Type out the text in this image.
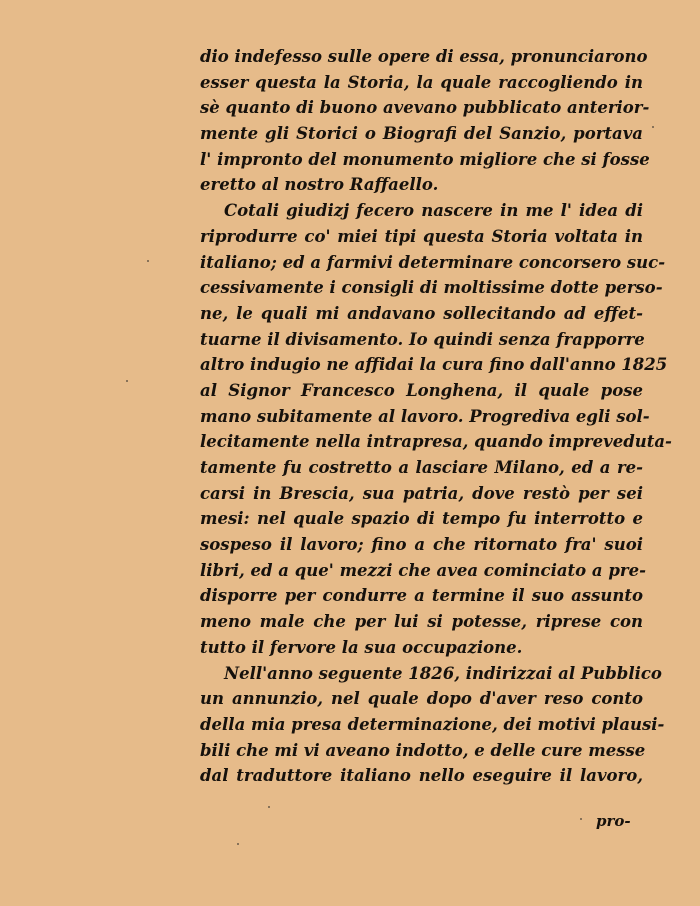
dio indefesso sulle opere di essa, pronunciarono
esser questa la Storia, la quale raccogliendo in
sè quanto di buono avevano pubblicato anterior-
mente gli Storici o Biografi del Sanzio, portava
l' impronto del monumento migliore che si fosse
eretto al nostro Raffaello.
Cotali giudizj fecero nascere in me l' idea di
riprodurre co' miei tipi questa Storia voltata in
italiano; ed a farmivi determinare concorsero suc-
cessivamente i consigli di moltissime dotte perso-
ne, le quali mi andavano sollecitando ad effet-
tuarne il divisamento. Io quindi senza frapporre
altro indugio ne affidai la cura fino dall'anno 1825
al Signor Francesco Longhena, il quale pose
mano subitamente al lavoro. Progrediva egli sol-
lecitamente nella intrapresa, quando impreveduta-
tamente fu costretto a lasciare Milano, ed a re-
carsi in Brescia, sua patria, dove restò per sei
mesi: nel quale spazio di tempo fu interrotto e
sospeso il lavoro; fino a che ritornato fra' suoi
libri, ed a que' mezzi che avea cominciato a pre-
disporre per condurre a termine il suo assunto
meno male che per lui si potesse, riprese con
tutto il fervore la sua occupazione.
Nell'anno seguente 1826, indirizzai al Pubblico
un annunzio, nel quale dopo d'aver reso conto
della mia presa determinazione, dei motivi plausi-
bili che mi vi aveano indotto, e delle cure messe
dal traduttore italiano nello eseguire il lavoro,
pro-
